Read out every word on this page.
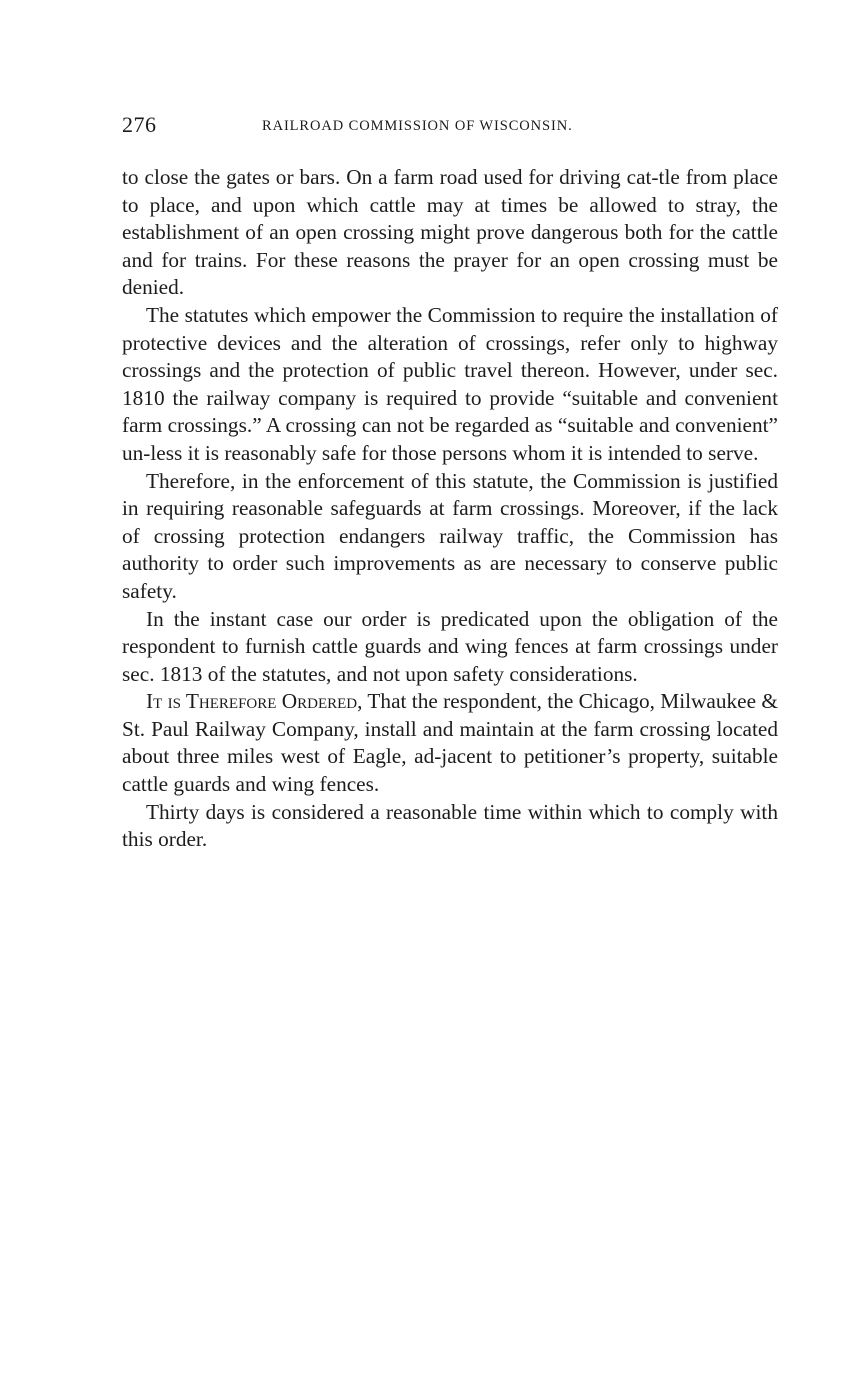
276	RAILROAD COMMISSION OF WISCONSIN.

to close the gates or bars. On a farm road used for driving cat-tle from place to place, and upon which cattle may at times be allowed to stray, the establishment of an open crossing might prove dangerous both for the cattle and for trains. For these reasons the prayer for an open crossing must be denied.

The statutes which empower the Commission to require the installation of protective devices and the alteration of crossings, refer only to highway crossings and the protection of public travel thereon. However, under sec. 1810 the railway company is required to provide “suitable and convenient farm crossings.” A crossing can not be regarded as “suitable and convenient” un-less it is reasonably safe for those persons whom it is intended to serve.

Therefore, in the enforcement of this statute, the Commission is justified in requiring reasonable safeguards at farm crossings. Moreover, if the lack of crossing protection endangers railway traffic, the Commission has authority to order such improvements as are necessary to conserve public safety.

In the instant case our order is predicated upon the obligation of the respondent to furnish cattle guards and wing fences at farm crossings under sec. 1813 of the statutes, and not upon safety considerations.

It is Therefore Ordered, That the respondent, the Chicago, Milwaukee & St. Paul Railway Company, install and maintain at the farm crossing located about three miles west of Eagle, ad-jacent to petitioner’s property, suitable cattle guards and wing fences.

Thirty days is considered a reasonable time within which to comply with this order.
